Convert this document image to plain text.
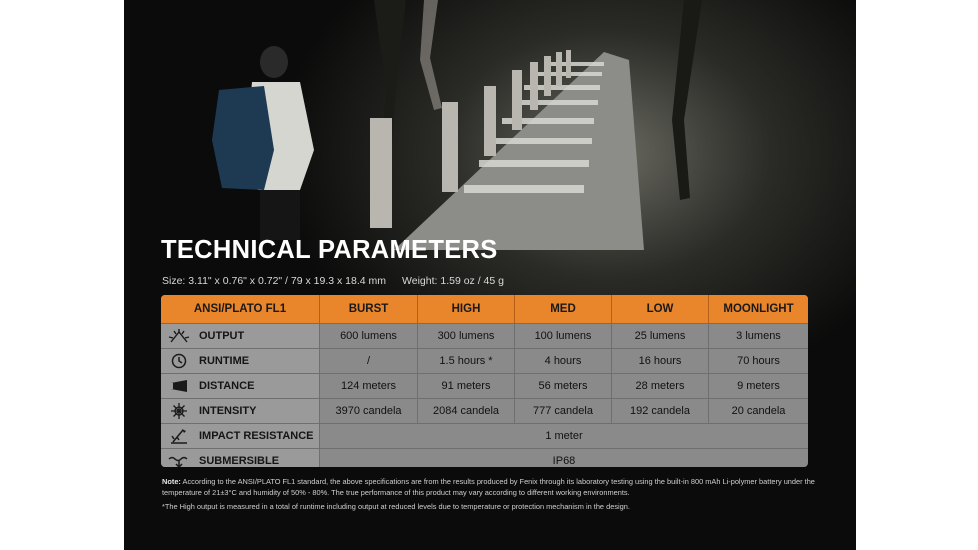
TECHNICAL PARAMETERS
Size: 3.11" x 0.76" x 0.72" / 79 x 19.3 x 18.4 mm Weight: 1.59 oz / 45 g
ANSI/PLATO FL1	BURST	HIGH	MED	LOW	MOONLIGHT
OUTPUT	600 lumens	300 lumens	100 lumens	25 lumens	3 lumens
RUNTIME	/	1.5 hours *	4 hours	16 hours	70 hours
DISTANCE	124 meters	91 meters	56 meters	28 meters	9 meters
INTENSITY	3970 candela	2084 candela	777 candela	192 candela	20 candela
IMPACT RESISTANCE	1 meter
SUBMERSIBLE	IP68
Note: According to the ANSI/PLATO FL1 standard, the above specifications are from the results produced by Fenix through its laboratory testing using the built-in 800 mAh Li-polymer battery under the temperature of 21±3°C and humidity of 50% - 80%. The true performance of this product may vary according to different working environments.
*The High output is measured in a total of runtime including output at reduced levels due to temperature or protection mechanism in the design.
